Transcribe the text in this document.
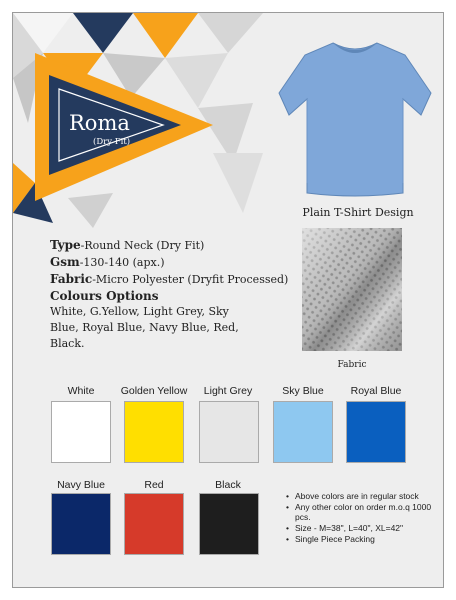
Roma
(Dry Fit)
Plain T-Shirt Design
Type-Round Neck (Dry Fit)
Gsm-130-140 (apx.)
Fabric-Micro Polyester (Dryfit Processed)
Colours Options
White, G.Yellow, Light Grey, Sky Blue, Royal Blue, Navy Blue, Red, Black.
Fabric
White	Golden Yellow	Light Grey	Sky Blue	Royal Blue
Navy Blue	Red	Black
• Above colors are in regular stock
• Any other color on order m.o.q 1000 pcs.
• Size - M=38", L=40", XL=42"
• Single Piece Packing
